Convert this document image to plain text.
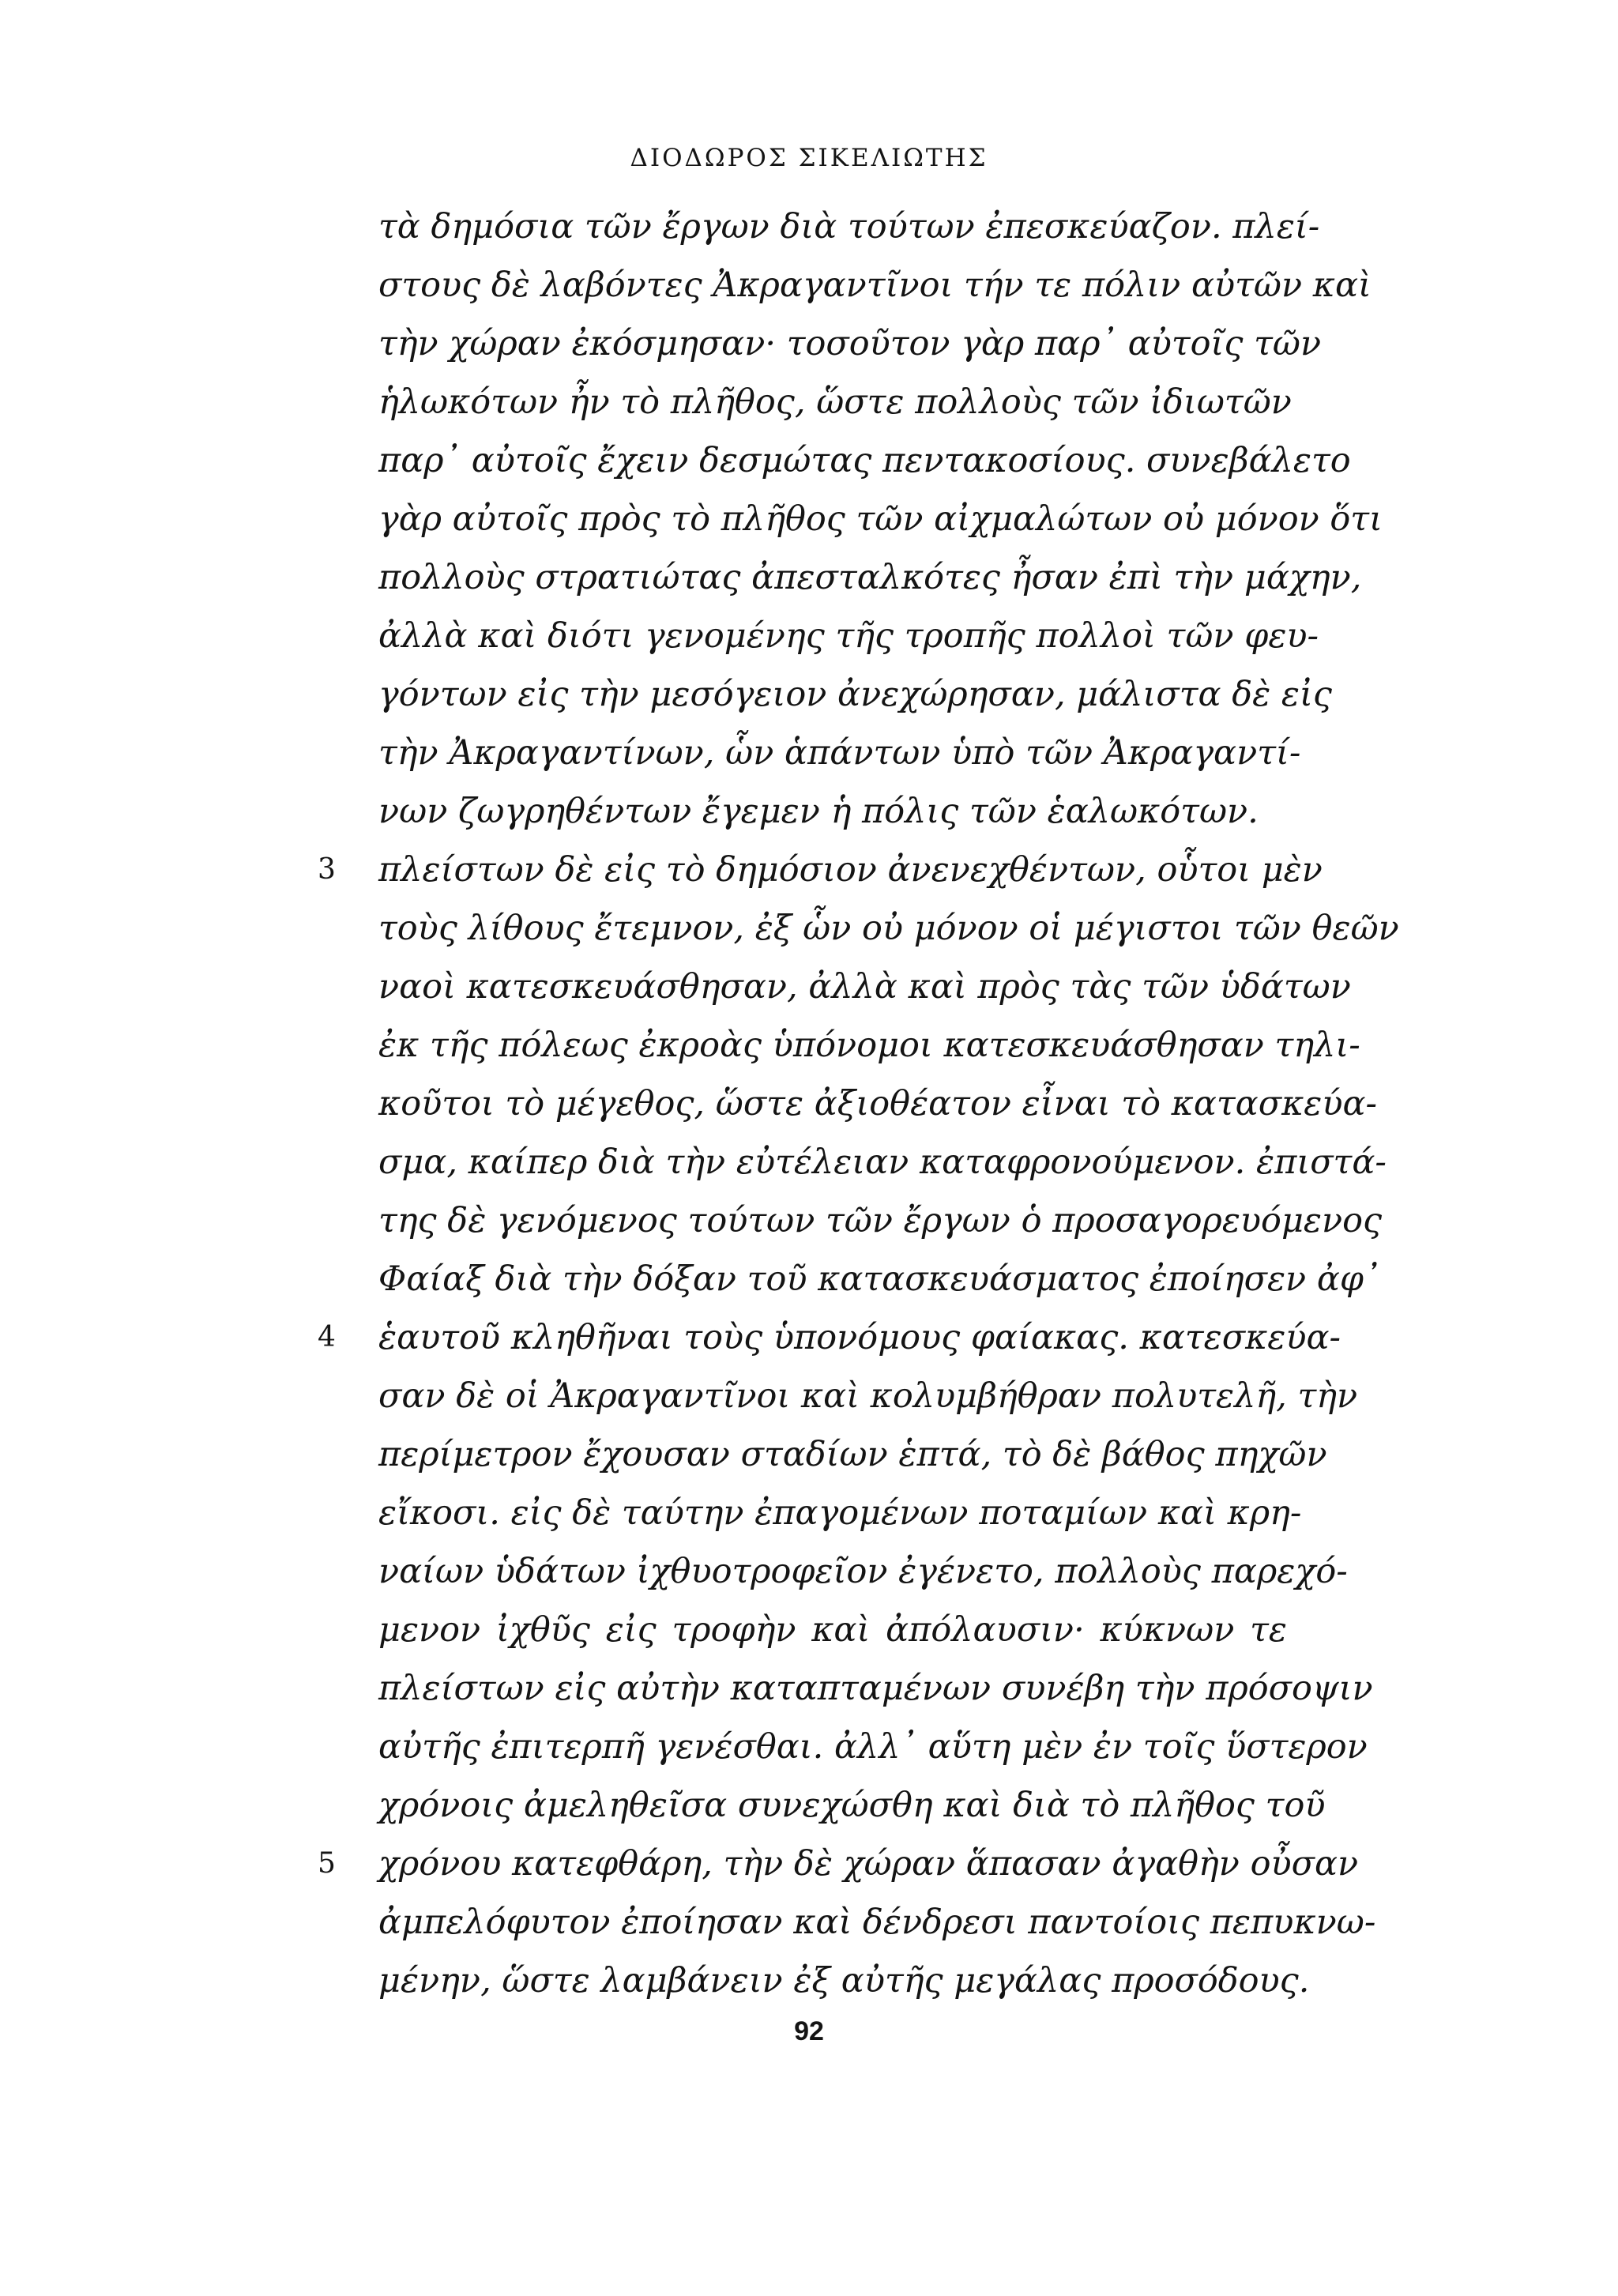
ΔΙΟΔΩΡΟΣ ΣΙΚΕΛΙΩΤΗΣ
τὰ δημόσια τῶν ἔργων διὰ τούτων ἐπεσκεύαζον. πλεί-
στους δὲ λαβόντες Ἀκραγαντῖνοι τήν τε πόλιν αὐτῶν καὶ
τὴν χώραν ἐκόσμησαν· τοσοῦτον γὰρ παρ᾿ αὐτοῖς τῶν
ἡλωκότων ἦν τὸ πλῆθος, ὥστε πολλοὺς τῶν ἰδιωτῶν
παρ᾿ αὐτοῖς ἔχειν δεσμώτας πεντακοσίους. συνεβάλετο
γὰρ αὐτοῖς πρὸς τὸ πλῆθος τῶν αἰχμαλώτων οὐ μόνον ὅτι
πολλοὺς στρατιώτας ἀπεσταλκότες ἦσαν ἐπὶ τὴν μάχην,
ἀλλὰ καὶ διότι γενομένης τῆς τροπῆς πολλοὶ τῶν φευ-
γόντων εἰς τὴν μεσόγειον ἀνεχώρησαν, μάλιστα δὲ εἰς
τὴν Ἀκραγαντίνων, ὧν ἁπάντων ὑπὸ τῶν Ἀκραγαντί-
νων ζωγρηθέντων ἔγεμεν ἡ πόλις τῶν ἑαλωκότων.
3 πλείστων δὲ εἰς τὸ δημόσιον ἀνενεχθέντων, οὗτοι μὲν
τοὺς λίθους ἔτεμνον, ἐξ ὧν οὐ μόνον οἱ μέγιστοι τῶν θεῶν
ναοὶ κατεσκευάσθησαν, ἀλλὰ καὶ πρὸς τὰς τῶν ὑδάτων
ἐκ τῆς πόλεως ἐκροὰς ὑπόνομοι κατεσκευάσθησαν τηλι-
κοῦτοι τὸ μέγεθος, ὥστε ἀξιοθέατον εἶναι τὸ κατασκεύα-
σμα, καίπερ διὰ τὴν εὐτέλειαν καταφρονούμενον. ἐπιστά-
της δὲ γενόμενος τούτων τῶν ἔργων ὁ προσαγορευόμενος
Φαίαξ διὰ τὴν δόξαν τοῦ κατασκευάσματος ἐποίησεν ἀφ᾿
4 ἑαυτοῦ κληθῆναι τοὺς ὑπονόμους φαίακας. κατεσκεύα-
σαν δὲ οἱ Ἀκραγαντῖνοι καὶ κολυμβήθραν πολυτελῆ, τὴν
περίμετρον ἔχουσαν σταδίων ἑπτά, τὸ δὲ βάθος πηχῶν
εἴκοσι. εἰς δὲ ταύτην ἐπαγομένων ποταμίων καὶ κρη-
ναίων ὑδάτων ἰχθυοτροφεῖον ἐγένετο, πολλοὺς παρεχό-
μενον ἰχθῦς εἰς τροφὴν καὶ ἀπόλαυσιν· κύκνων τε
πλείστων εἰς αὐτὴν καταπταμένων συνέβη τὴν πρόσοψιν
αὐτῆς ἐπιτερπῆ γενέσθαι. ἀλλ᾿ αὕτη μὲν ἐν τοῖς ὕστερον
χρόνοις ἀμεληθεῖσα συνεχώσθη καὶ διὰ τὸ πλῆθος τοῦ
5 χρόνου κατεφθάρη, τὴν δὲ χώραν ἅπασαν ἀγαθὴν οὖσαν
ἀμπελόφυτον ἐποίησαν καὶ δένδρεσι παντοίοις πεπυκνω-
μένην, ὥστε λαμβάνειν ἐξ αὐτῆς μεγάλας προσόδους.
92
